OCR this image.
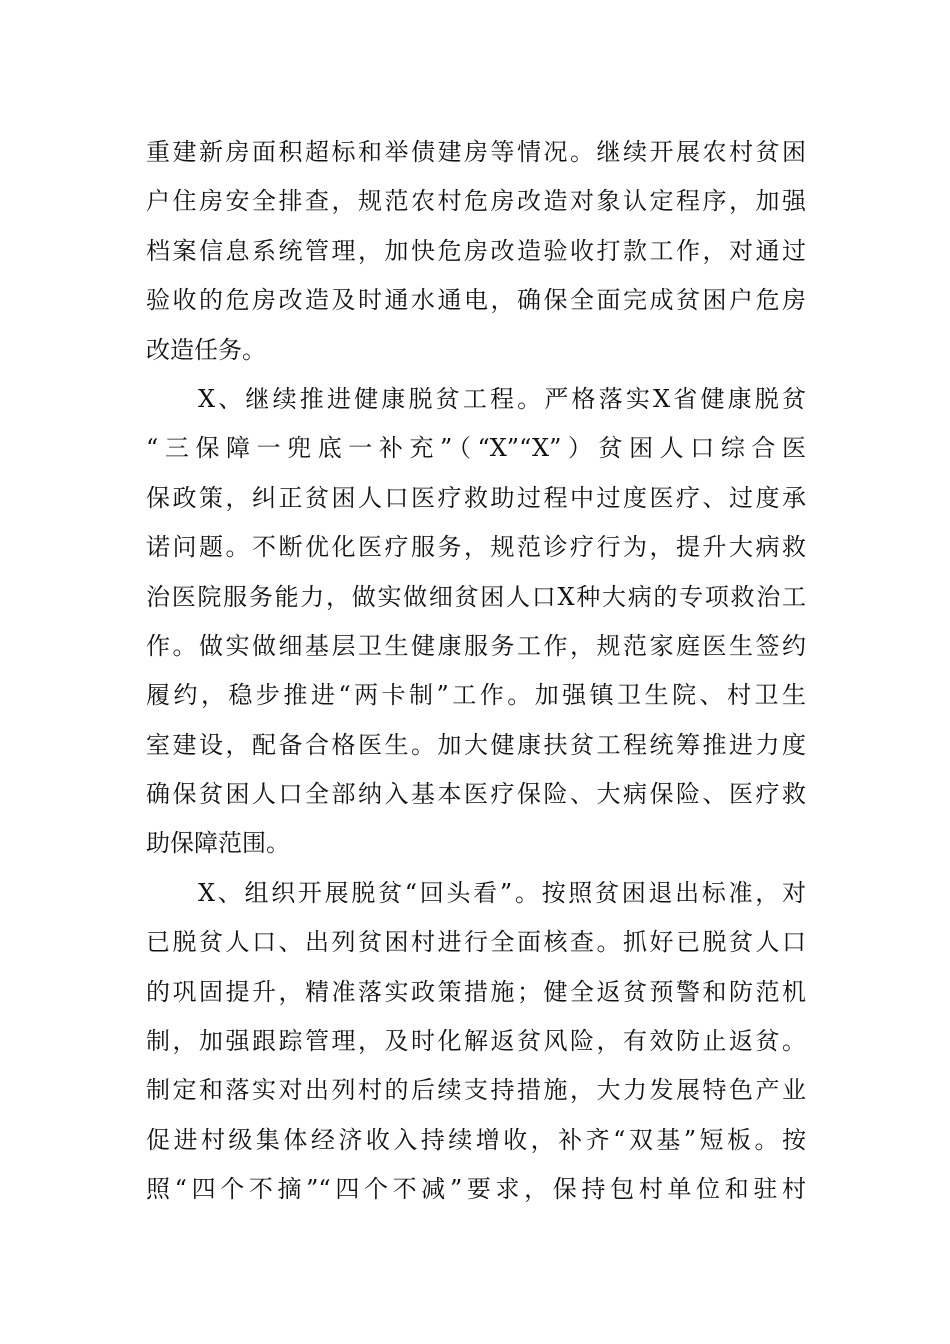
重建新房面积超标和举债建房等情况。继续开展农村贫困
户住房安全排查，规范农村危房改造对象认定程序，加强
档案信息系统管理，加快危房改造验收打款工作，对通过
验收的危房改造及时通水通电，确保全面完成贫困户危房
改造任务。
X、继续推进健康脱贫工程。严格落实X省健康脱贫
“三保障一兜底一补充”（“X”“X”）贫困人口综合医
保政策，纠正贫困人口医疗救助过程中过度医疗、过度承
诺问题。不断优化医疗服务，规范诊疗行为，提升大病救
治医院服务能力，做实做细贫困人口X种大病的专项救治工
作。做实做细基层卫生健康服务工作，规范家庭医生签约
履约，稳步推进“两卡制”工作。加强镇卫生院、村卫生
室建设，配备合格医生。加大健康扶贫工程统筹推进力度
确保贫困人口全部纳入基本医疗保险、大病保险、医疗救
助保障范围。
X、组织开展脱贫“回头看”。按照贫困退出标准，对
已脱贫人口、出列贫困村进行全面核查。抓好已脱贫人口
的巩固提升，精准落实政策措施；健全返贫预警和防范机
制，加强跟踪管理，及时化解返贫风险，有效防止返贫。
制定和落实对出列村的后续支持措施，大力发展特色产业
促进村级集体经济收入持续增收，补齐“双基”短板。按
照“四个不摘”“四个不减”要求，保持包村单位和驻村
